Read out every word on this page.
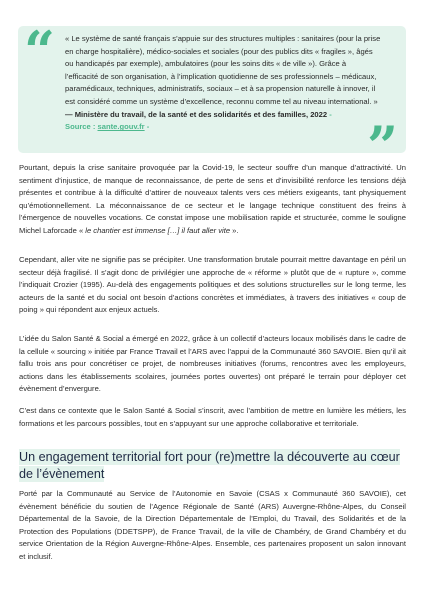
“ « Le système de santé français s’appuie sur des structures multiples : sanitaires (pour la prise en charge hospitalière), médico-sociales et sociales (pour des publics dits « fragiles », âgés ou handicapés par exemple), ambulatoires (pour les soins dits « de ville »). Grâce à l’efficacité de son organisation, à l’implication quotidienne de ses professionnels – médicaux, paramédicaux, techniques, administratifs, sociaux – et à sa propension naturelle à innover, il est considéré comme un système d’excellence, reconnu comme tel au niveau international. »
— Ministère du travail, de la santé et des solidarités et des familles, 2022 -
Source : sante.gouv.fr -	”

Pourtant, depuis la crise sanitaire provoquée par la Covid-19, le secteur souffre d’un manque d’attractivité. Un sentiment d’injustice, de manque de reconnaissance, de perte de sens et d’invisibilité renforce les tensions déjà présentes et contribue à la difficulté d’attirer de nouveaux talents vers ces métiers exigeants, tant physiquement qu’émotionnellement. La méconnaissance de ce secteur et le langage technique constituent des freins à l’émergence de nouvelles vocations. Ce constat impose une mobilisation rapide et structurée, comme le souligne Michel Laforcade « le chantier est immense […] il faut aller vite ».

Cependant, aller vite ne signifie pas se précipiter. Une transformation brutale pourrait mettre davantage en péril un secteur déjà fragilisé. Il s’agit donc de privilégier une approche de « réforme » plutôt que de « rupture », comme l’indiquait Crozier (1995). Au-delà des engagements politiques et des solutions structurelles sur le long terme, les acteurs de la santé et du social ont besoin d’actions concrètes et immédiates, à travers des initiatives « coup de poing » qui répondent aux enjeux actuels.

L’idée du Salon Santé & Social a émergé en 2022, grâce à un collectif d’acteurs locaux mobilisés dans le cadre de la cellule « sourcing » initiée par France Travail et l’ARS avec l’appui de la Communauté 360 SAVOIE. Bien qu’il ait fallu trois ans pour concrétiser ce projet, de nombreuses initiatives (forums, rencontres avec les employeurs, actions dans les établissements scolaires, journées portes ouvertes) ont préparé le terrain pour déployer cet évènement d’envergure.

C’est dans ce contexte que le Salon Santé & Social s’inscrit, avec l’ambition de mettre en lumière les métiers, les formations et les parcours possibles, tout en s’appuyant sur une approche collaborative et territoriale.

Un engagement territorial fort pour (re)mettre la découverte au cœur de l’évènement

Porté par la Communauté au Service de l’Autonomie en Savoie (CSAS x Communauté 360 SAVOIE), cet évènement bénéficie du soutien de l’Agence Régionale de Santé (ARS) Auvergne-Rhône-Alpes, du Conseil Départemental de la Savoie, de la Direction Départementale de l’Emploi, du Travail, des Solidarités et de la Protection des Populations (DDETSPP), de France Travail, de la ville de Chambéry, de Grand Chambéry et du service Orientation de la Région Auvergne-Rhône-Alpes. Ensemble, ces partenaires proposent un salon innovant et inclusif.
